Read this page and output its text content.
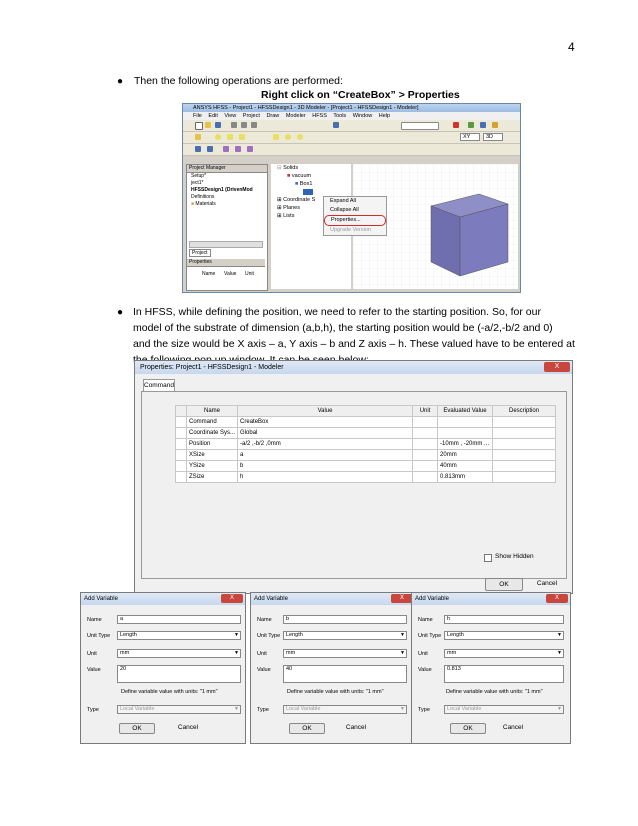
4
● Then the following operations are performed:
Right click on “CreateBox” > Properties
ANSYS HFSS - Project1 - HFSSDesign1 - 3D Modeler - [Project1 - HFSSDesign1 - Modeler]
File Edit View Project Draw Modeler HFSS Tools Window Help
XY	3D
Project Manager
Setup*
ject1*
HFSSDesign1 (DrivenMod
Definitions
■ Materials
Project
Properties
Name Value Unit
⊟ Solids
■ vacuum
■ Box1
⊞ Coordinate S
⊞ Planes
⊞ Lists
Expand All
Collapse All
Properties...
Upgrade Version
● In HFSS, while defining the position, we need to refer to the starting position. So, for our
model of the substrate of dimension (a,b,h), the starting position would be (-a/2,-b/2 and 0)
and the size would be X axis – a, Y axis – b and Z axis – h. These valued have to be entered at
Properties: Project1 - HFSSDesign1 - Modeler	X
Command
	Name	Value	Unit	Evaluated Value	Description
	Command	CreateBox			
	Coordinate Sys...	Global			
	Position	-a/2 ,-b/2 ,0mm		-10mm , -20mm ...	
	XSize	a		20mm	
	YSize	b		40mm	
	ZSize	h		0.813mm	
Show Hidden
OK	Cancel
Add Variable	X
Name	a
Unit Type	Length	▼
Unit	mm	▼
Value	20
Define variable value with units: "1 mm"
Type	Local Variable	▼
OK	Cancel
Add Variable	X
Name	b
Unit Type	Length	▼
Unit	mm	▼
Value	40
Define variable value with units: "1 mm"
Type	Local Variable	▼
OK	Cancel
Add Variable	X
Name	h
Unit Type	Length	▼
Unit	mm	▼
Value	0.813
Define variable value with units: "1 mm"
Type	Local Variable	▼
OK	Cancel
